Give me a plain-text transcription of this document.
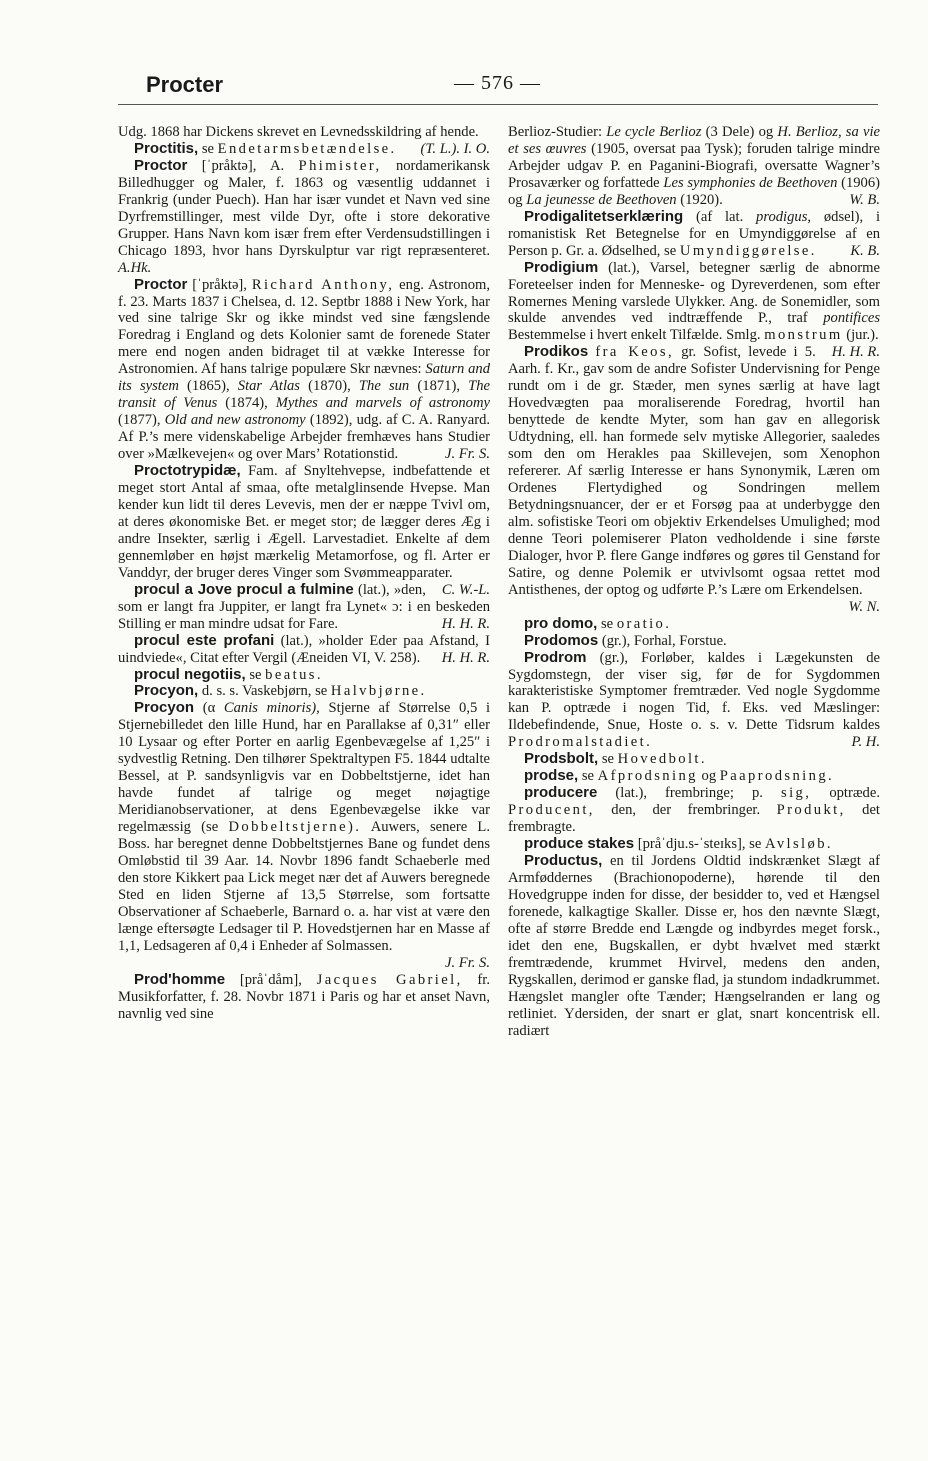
Procter	— 576 —

Udg. 1868 har Dickens skrevet en Levnedsskildring af hende.
(T. L.). I. O.

Proctitis, se Endetarmsbetændelse.

Proctor [ˈpråktə], A. Phimister, nordamerikansk Billedhugger og Maler, f. 1863 og væsentlig uddannet i Frankrig (under Puech). Han har især vundet et Navn ved sine Dyrfremstillinger, mest vilde Dyr, ofte i store dekorative Grupper. Hans Navn kom især frem efter Verdensudstillingen i Chicago 1893, hvor hans Dyrskulptur var rigt repræsenteret. A.Hk.

Proctor [ˈpråktə], Richard Anthony, eng. Astronom, f. 23. Marts 1837 i Chelsea, d. 12. Septbr 1888 i New York, har ved sine talrige Skr og ikke mindst ved sine fængslende Foredrag i England og dets Kolonier samt de forenede Stater mere end nogen anden bidraget til at vække Interesse for Astronomien. Af hans talrige populære Skr nævnes: Saturn and its system (1865), Star Atlas (1870), The sun (1871), The transit of Venus (1874), Mythes and marvels of astronomy (1877), Old and new astronomy (1892), udg. af C. A. Ranyard. Af P.’s mere videnskabelige Arbejder fremhæves hans Studier over »Mælkevejen« og over Mars’ Rotationstid.	J. Fr. S.

Proctotrypidæ, Fam. af Snyltehvepse, indbefattende et meget stort Antal af smaa, ofte metalglinsende Hvepse. Man kender kun lidt til deres Levevis, men der er næppe Tvivl om, at deres økonomiske Bet. er meget stor; de lægger deres Æg i andre Insekter, særlig i Ægell. Larvestadiet. Enkelte af dem gennemløber en højst mærkelig Metamorfose, og fl. Arter er Vanddyr, der bruger deres Vinger som Svømmeapparater.
C. W.-L.

procul a Jove procul a fulmine (lat.), »den, som er langt fra Juppiter, er langt fra Lynet« ɔ: i en beskeden Stilling er man mindre udsat for Fare.	H. H. R.

procul este profani (lat.), »holder Eder paa Afstand, I uindviede«, Citat efter Vergil (Æneiden VI, V. 258).	H. H. R.

procul negotiis, se beatus.

Procyon, d. s. s. Vaskebjørn, se Halvbjørne.

Procyon (α Canis minoris), Stjerne af Størrelse 0,5 i Stjernebilledet den lille Hund, har en Parallakse af 0,31″ eller 10 Lysaar og efter Porter en aarlig Egenbevægelse af 1,25″ i sydvestlig Retning. Den tilhører Spektraltypen F5. 1844 udtalte Bessel, at P. sandsynligvis var en Dobbeltstjerne, idet han havde fundet af talrige og meget nøjagtige Meridianobservationer, at dens Egenbevægelse ikke var regelmæssig (se Dobbeltstjerne). Auwers, senere L. Boss. har beregnet denne Dobbeltstjernes Bane og fundet dens Omløbstid til 39 Aar. 14. Novbr 1896 fandt Schaeberle med den store Kikkert paa Lick meget nær det af Auwers beregnede Sted en liden Stjerne af 13,5 Størrelse, som fortsatte Observationer af Schaeberle, Barnard o. a. har vist at være den længe eftersøgte Ledsager til P. Hovedstjernen har en Masse af 1,1, Ledsageren af 0,4 i Enheder af Solmassen.

J. Fr. S.

Prod'homme [pråˈdåm], Jacques Gabriel, fr. Musikforfatter, f. 28. Novbr 1871 i Paris og har et anset Navn, navnlig ved sine

Berlioz-Studier: Le cycle Berlioz (3 Dele) og H. Berlioz, sa vie et ses œuvres (1905, oversat paa Tysk); foruden talrige mindre Arbejder udgav P. en Paganini-Biografi, oversatte Wagner’s Prosaværker og forfattede Les symphonies de Beethoven (1906) og La jeunesse de Beethoven (1920).	W. B.

Prodigalitetserklæring (af lat. prodigus, ødsel), i romanistisk Ret Betegnelse for en Umyndiggørelse af en Person p. Gr. a. Ødselhed, se Umyndiggørelse.	K. B.

Prodigium (lat.), Varsel, betegner særlig de abnorme Foreteelser inden for Menneske- og Dyreverdenen, som efter Romernes Mening varslede Ulykker. Ang. de Sonemidler, som skulde anvendes ved indtræffende P., traf pontifices Bestemmelse i hvert enkelt Tilfælde. Smlg. monstrum (jur.).
H. H. R.

Prodikos fra Keos, gr. Sofist, levede i 5. Aarh. f. Kr., gav som de andre Sofister Undervisning for Penge rundt om i de gr. Stæder, men synes særlig at have lagt Hovedvægten paa moraliserende Foredrag, hvortil han benyttede de kendte Myter, som han gav en allegorisk Udtydning, ell. han formede selv mytiske Allegorier, saaledes som den om Herakles paa Skillevejen, som Xenophon refererer. Af særlig Interesse er hans Synonymik, Læren om Ordenes Flertydighed og Sondringen mellem Betydningsnuancer, der er et Forsøg paa at underbygge den alm. sofistiske Teori om objektiv Erkendelses Umulighed; mod denne Teori polemiserer Platon vedholdende i sine første Dialoger, hvor P. flere Gange indføres og gøres til Genstand for Satire, og denne Polemik er utvivlsomt ogsaa rettet mod Antisthenes, der optog og udførte P.’s Lære om Erkendelsen.

W. N.

pro domo, se oratio.

Prodomos (gr.), Forhal, Forstue.

Prodrom (gr.), Forløber, kaldes i Lægekunsten de Sygdomstegn, der viser sig, før de for Sygdommen karakteristiske Symptomer fremtræder. Ved nogle Sygdomme kan P. optræde i nogen Tid, f. Eks. ved Mæslinger: Ildebefindende, Snue, Hoste o. s. v. Dette Tidsrum kaldes Prodromalstadiet.	P. H.

Prodsbolt, se Hovedbolt.

prodse, se Afprodsning og Paaprodsning.

producere (lat.), frembringe; p. sig, optræde. Producent, den, der frembringer. Produkt, det frembragte.

produce stakes [pråˈdju.s-ˈsteɪks], se Avlsløb.

Productus, en til Jordens Oldtid indskrænket Slægt af Armføddernes (Brachionopoderne), hørende til den Hovedgruppe inden for disse, der besidder to, ved et Hængsel forenede, kalkagtige Skaller. Disse er, hos den nævnte Slægt, ofte af større Bredde end Længde og indbyrdes meget forsk., idet den ene, Bugskallen, er dybt hvælvet med stærkt fremtrædende, krummet Hvirvel, medens den anden, Rygskallen, derimod er ganske flad, ja stundom indadkrummet. Hængslet mangler ofte Tænder; Hængselranden er lang og retliniet. Ydersiden, der snart er glat, snart koncentrisk ell. radiært
